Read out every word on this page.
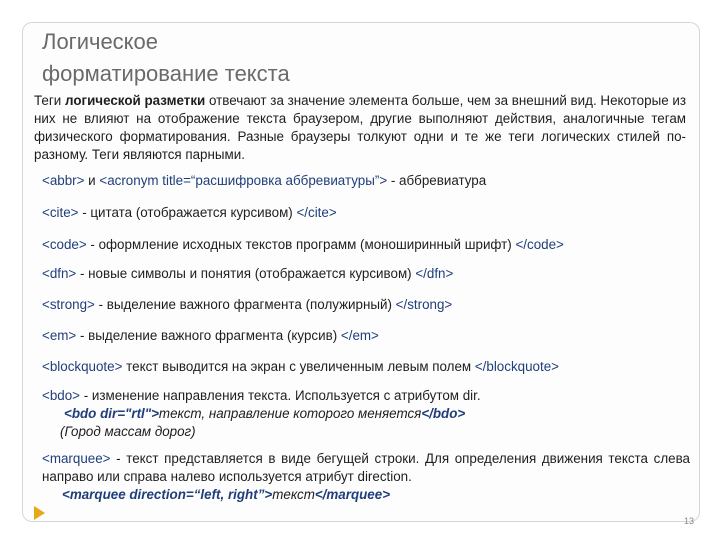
Логическое
форматирование текста

Теги логической разметки отвечают за значение элемента больше, чем за внешний вид. Некоторые из них не влияют на отображение текста браузером, другие выполняют действия, аналогичные тегам физического форматирования. Разные браузеры толкуют одни и те же теги логических стилей по-разному. Теги являются парными.

<abbr> и <acronym title=“расшифровка аббревиатуры”> - аббревиатура

<cite> - цитата (отображается курсивом) </cite>

<code> - оформление исходных текстов программ (моноширинный шрифт) </code>

<dfn> - новые символы и понятия (отображается курсивом) </dfn>

<strong> - выделение важного фрагмента (полужирный) </strong>

<em> - выделение важного фрагмента (курсив) </em>

<blockquote> текст выводится на экран с увеличенным левым полем </blockquote>

<bdo> - изменение направления текста. Используется с атрибутом dir.
<bdo dir="rtl">текст, направление которого меняется</bdo>
(Город массам дорог)
<marquee> - текст представляется в виде бегущей строки. Для определения движения текста слева направо или справа налево используется атрибут direction.
<marquee direction=“left, right”>текст</marquee>
13
